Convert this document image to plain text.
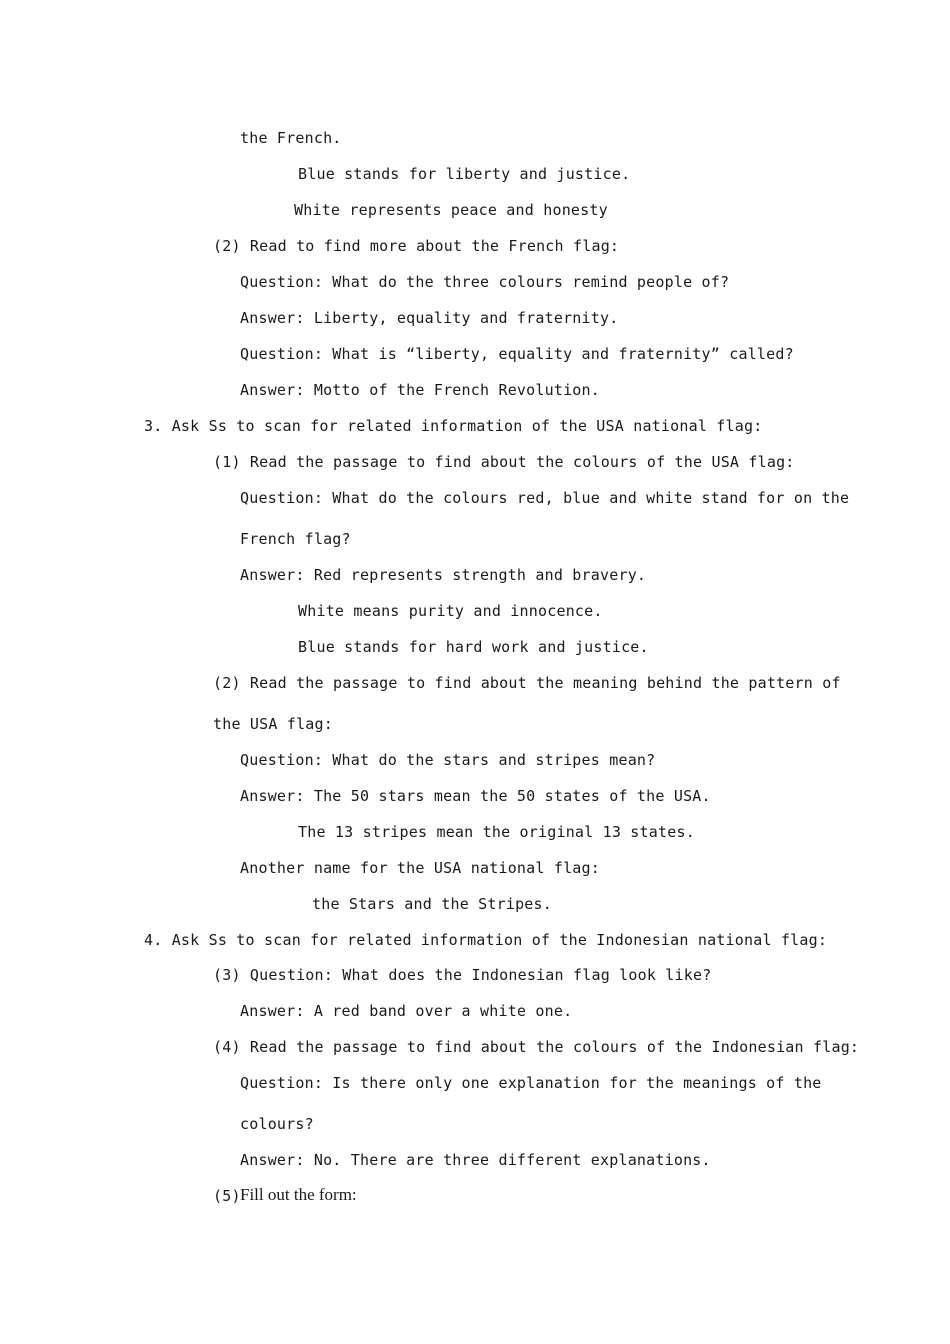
the French.
Blue stands for liberty and justice.
White represents peace and honesty
(2) Read to find more about the French flag:
Question: What do the three colours remind people of?
Answer: Liberty, equality and fraternity.
Question: What is “liberty, equality and fraternity” called?
Answer: Motto of the French Revolution.
3. Ask Ss to scan for related information of the USA national flag:
(1) Read the passage to find about the colours of the USA flag:
Question: What do the colours red, blue and white stand for on the
French flag?
Answer: Red represents strength and bravery.
White means purity and innocence.
Blue stands for hard work and justice.
(2) Read the passage to find about the meaning behind the pattern of
the USA flag:
Question: What do the stars and stripes mean?
Answer: The 50 stars mean the 50 states of the USA.
The 13 stripes mean the original 13 states.
Another name for the USA national flag:
the Stars and the Stripes.
4. Ask Ss to scan for related information of the Indonesian national flag:
(3) Question: What does the Indonesian flag look like?
Answer: A red band over a white one.
(4) Read the passage to find about the colours of the Indonesian flag:
Question: Is there only one explanation for the meanings of the
colours?
Answer: No. There are three different explanations.
(5)
Fill out the form:
